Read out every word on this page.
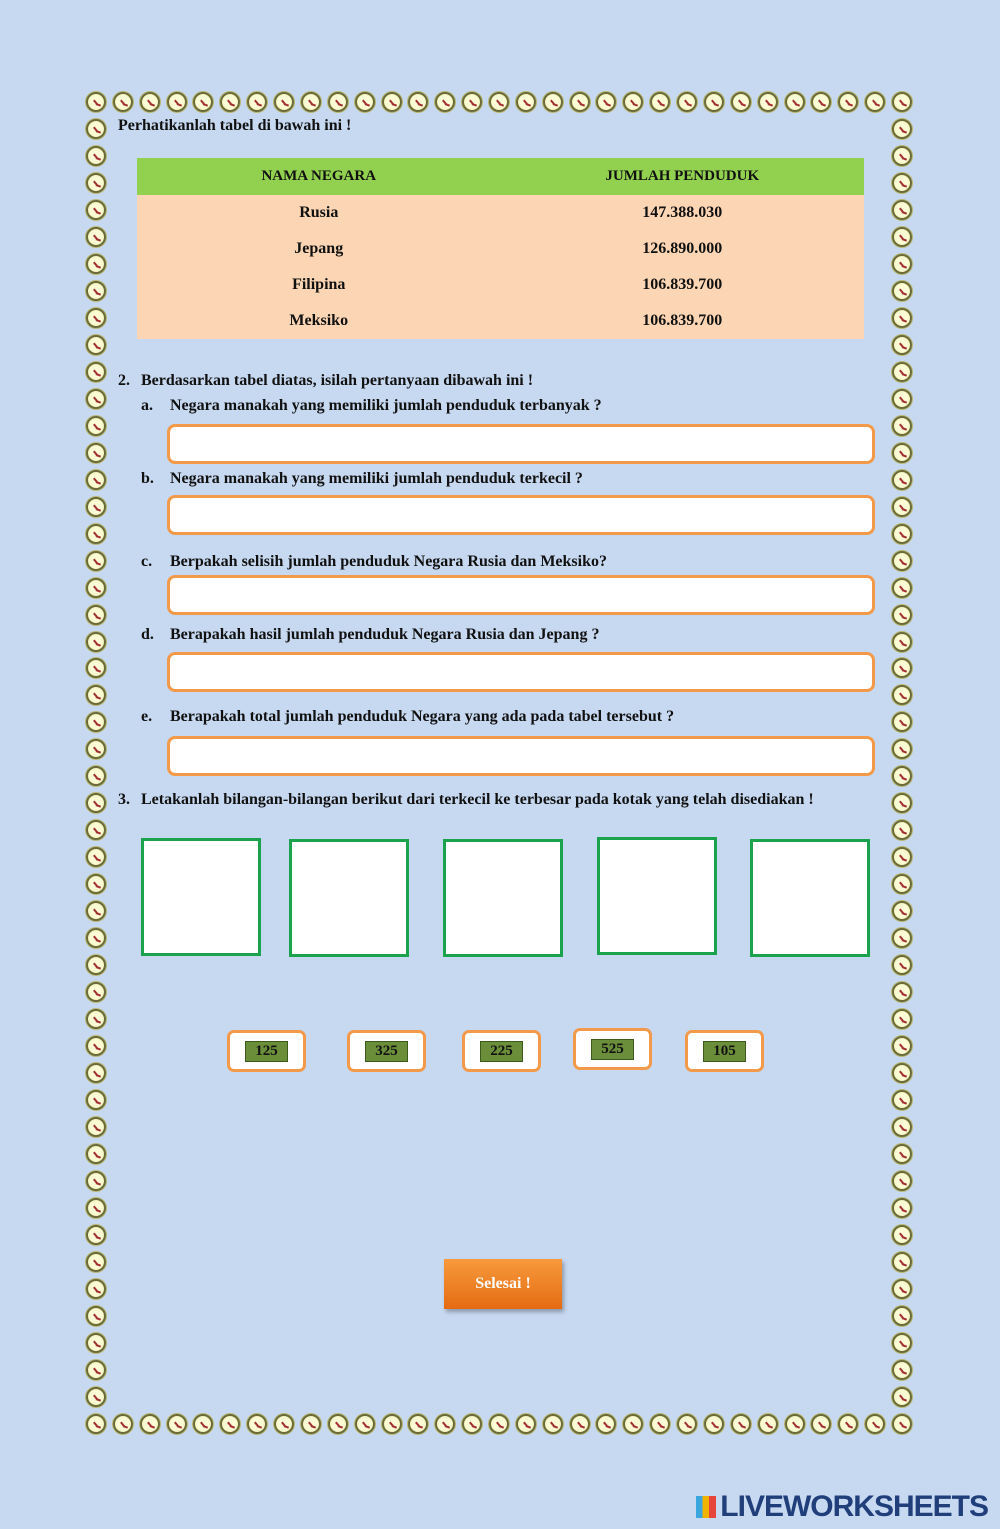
Perhatikanlah tabel di bawah ini !
NAMA NEGARA	JUMLAH PENDUDUK
Rusia	147.388.030
Jepang	126.890.000
Filipina	106.839.700
Meksiko	106.839.700
2. Berdasarkan tabel diatas, isilah pertanyaan dibawah ini !
a. Negara manakah yang memiliki jumlah penduduk terbanyak ?
b. Negara manakah yang memiliki jumlah penduduk terkecil ?
c. Berpakah selisih jumlah penduduk Negara Rusia dan Meksiko?
d. Berapakah hasil jumlah penduduk Negara Rusia dan Jepang ?
e. Berapakah total jumlah penduduk Negara yang ada pada tabel tersebut ?
3. Letakanlah bilangan-bilangan berikut dari terkecil ke terbesar pada kotak yang telah disediakan !
125	325	225	525	105
Selesai !
LIVEWORKSHEETS
